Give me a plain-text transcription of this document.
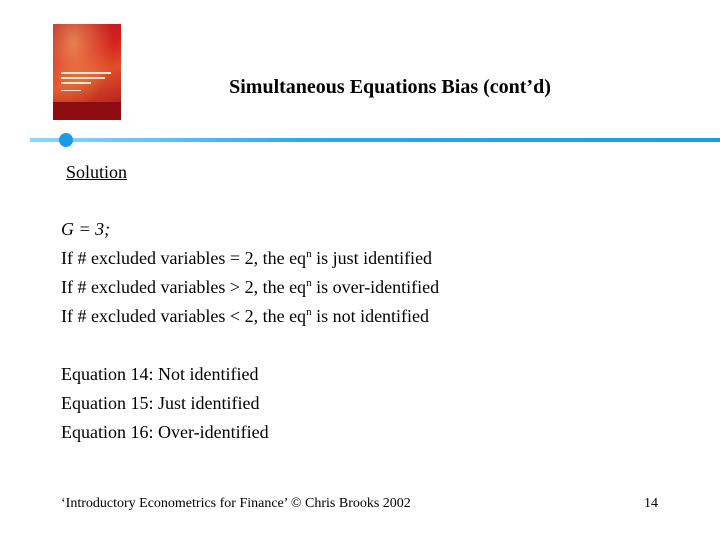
Simultaneous Equations Bias (cont’d)
Solution
G = 3;
If # excluded variables = 2, the $eq^n$ is just identified
If # excluded variables > 2, the $eq^n$ is over-identified
If # excluded variables < 2, the $eq^n$ is not identified
Equation 14: Not identified
Equation 15: Just identified
Equation 16: Over-identified
‘Introductory Econometrics for Finance’ © Chris Brooks 2002	14
